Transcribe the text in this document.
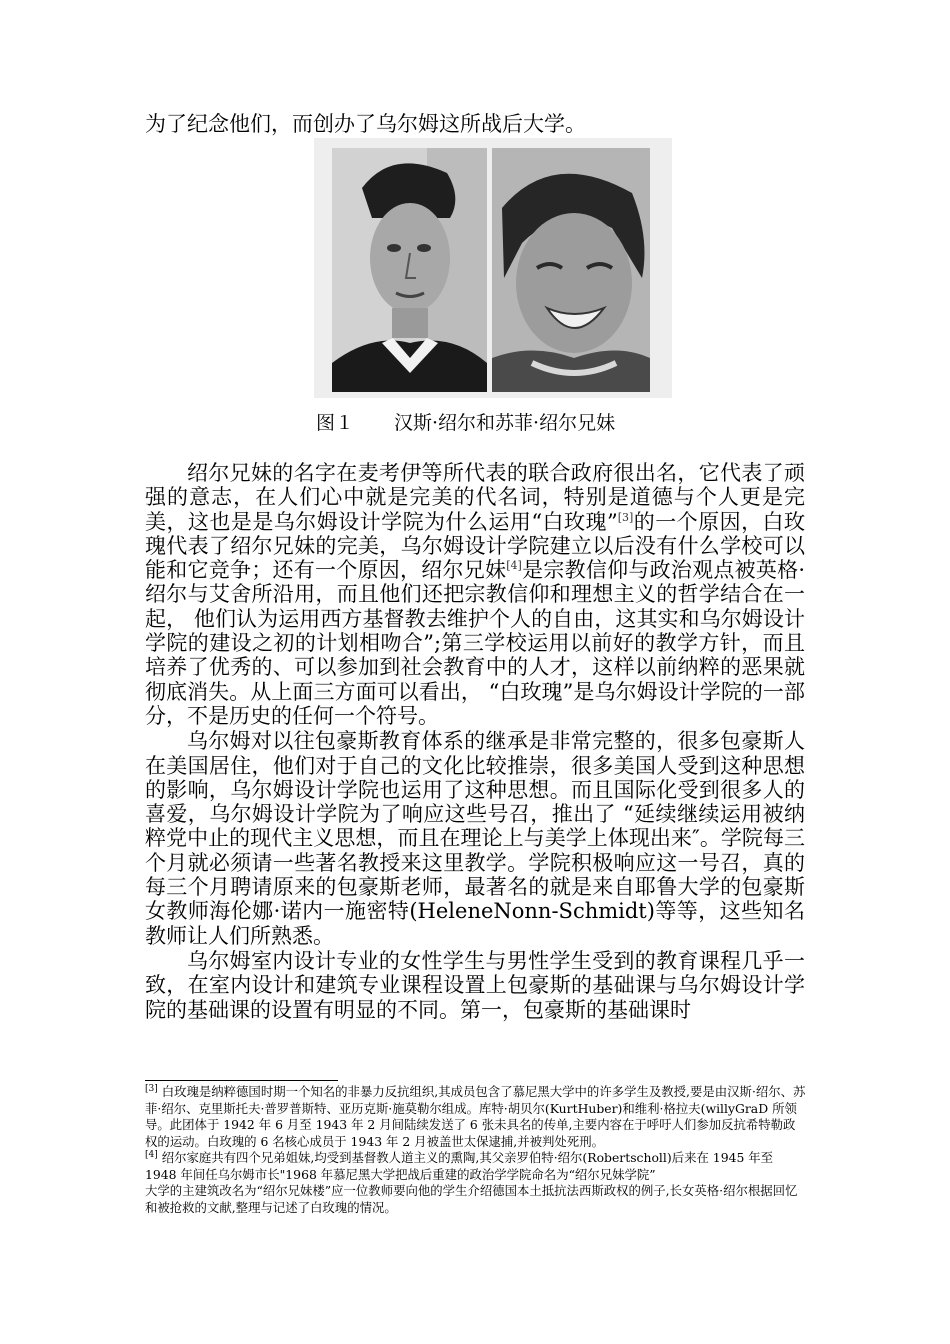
为了纪念他们，而创办了乌尔姆这所战后大学。
图１ 汉斯·绍尔和苏菲·绍尔兄妹

绍尔兄妹的名字在麦考伊等所代表的联合政府很出名，它代表了顽强的意志，在人们心中就是完美的代名词，特别是道德与个人更是完美，这也是是乌尔姆设计学院为什么运用“白玫瑰”[3]的一个原因，白玫瑰代表了绍尔兄妹的完美，乌尔姆设计学院建立以后没有什么学校可以能和它竞争；还有一个原因，绍尔兄妹[4]是宗教信仰与政治观点被英格·绍尔与艾舍所沿用，而且他们还把宗教信仰和理想主义的哲学结合在一起， 他们认为运用西方基督教去维护个人的自由，这其实和乌尔姆设计学院的建设之初的计划相吻合”;第三学校运用以前好的教学方针，而且培养了优秀的、可以参加到社会教育中的人才，这样以前纳粹的恶果就彻底消失。从上面三方面可以看出， “白玫瑰”是乌尔姆设计学院的一部分，不是历史的任何一个符号。

乌尔姆对以往包豪斯教育体系的继承是非常完整的，很多包豪斯人在美国居住，他们对于自己的文化比较推崇，很多美国人受到这种思想的影响，乌尔姆设计学院也运用了这种思想。而且国际化受到很多人的喜爱，乌尔姆设计学院为了响应这些号召，推出了 “延续继续运用被纳粹党中止的现代主义思想，而且在理论上与美学上体现出来″。学院每三个月就必须请一些著名教授来这里教学。学院积极响应这一号召，真的每三个月聘请原来的包豪斯老师，最著名的就是来自耶鲁大学的包豪斯女教师海伦娜·诺内一施密特(HeleneNonn-Schmidt)等等，这些知名教师让人们所熟悉。

乌尔姆室内设计专业的女性学生与男性学生受到的教育课程几乎一致，在室内设计和建筑专业课程设置上包豪斯的基础课与乌尔姆设计学院的基础课的设置有明显的不同。第一，包豪斯的基础课时

[3] 白玫瑰是纳粹德国时期一个知名的非暴力反抗组织,其成员包含了慕尼黑大学中的许多学生及教授,要是由汉斯·绍尔、苏菲·绍尔、克里斯托夫·普罗普斯特、亚历克斯·施莫勒尔组成。库特·胡贝尔(KurtHuber)和维利·格拉夫(willyGraD 所领导。此团体于 1942 年 6 月至 1943 年 2 月间陆续发送了 6 张未具名的传单,主要内容在于呼吁人们参加反抗希特勒政权的运动。白玫瑰的 6 名核心成员于 1943 年 2 月被盖世太保逮捕,并被判处死刑。

[4] 绍尔家庭共有四个兄弟姐妹,均受到基督教人道主义的熏陶,其父亲罗伯特·绍尔(Robertscholl)后来在 1945 年至 1948 年间任乌尔姆市长"1968 年慕尼黑大学把战后重建的政治学学院命名为“绍尔兄妹学院”

大学的主建筑改名为“绍尔兄妹楼”应一位教师要向他的学生介绍德国本土抵抗法西斯政权的例子,长女英格·绍尔根据回忆和被抢救的文献,整理与记述了白玫瑰的情况。
